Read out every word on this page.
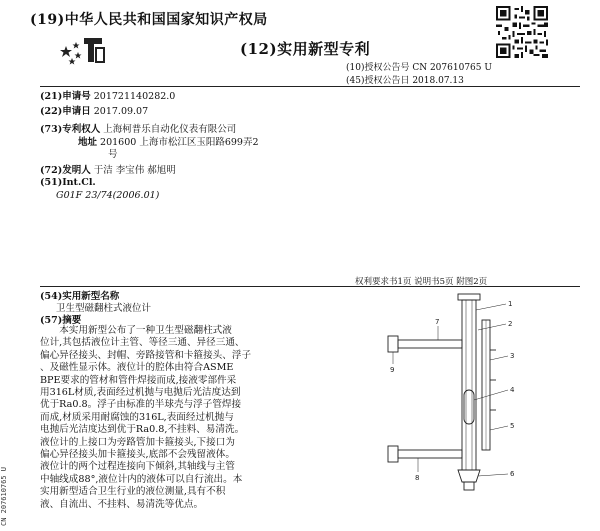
(19)中华人民共和国国家知识产权局
(12)实用新型专利
(10)授权公告号 CN 207610765 U
(45)授权公告日 2018.07.13
(21)申请号 201721140282.0
(22)申请日 2017.09.07
(73)专利权人 上海柯普乐自动化仪表有限公司
地址 201600 上海市松江区玉阳路699弄2
号
(72)发明人 于洁 李宝伟 郝旭明
(51)Int.Cl.
G01F 23/74(2006.01)
权利要求书1页 说明书5页 附图2页
(54)实用新型名称
卫生型磁翻柱式液位计
(57)摘要
本实用新型公布了一种卫生型磁翻柱式液
位计,其包括液位计主管、等径三通、异径三通、
偏心异径接头、封帽、旁路接管和卡箍接头、浮子
、及磁性显示体。液位计的腔体由符合ASME
BPE要求的管材和管件焊接而成,接液零部件采
用316L材质,表面经过机抛与电抛后光洁度达到
优于Ra0.8。浮子由标准的半球壳与浮子管焊接
而成,材质采用耐腐蚀的316L,表面经过机抛与
电抛后光洁度达到优于Ra0.8,不挂料、易清洗。
液位计的上接口为旁路管加卡箍接头,下接口为
偏心异径接头加卡箍接头,底部不会残留液体。
液位计的两个过程连接向下倾斜,其轴线与主管
中轴线成88°,液位计内的液体可以自行流出。本
实用新型适合卫生行业的液位测量,具有不积
液、自流出、不挂料、易清洗等优点。
CN 207610765 U
1
2
3
4
5
6
7
8
9
